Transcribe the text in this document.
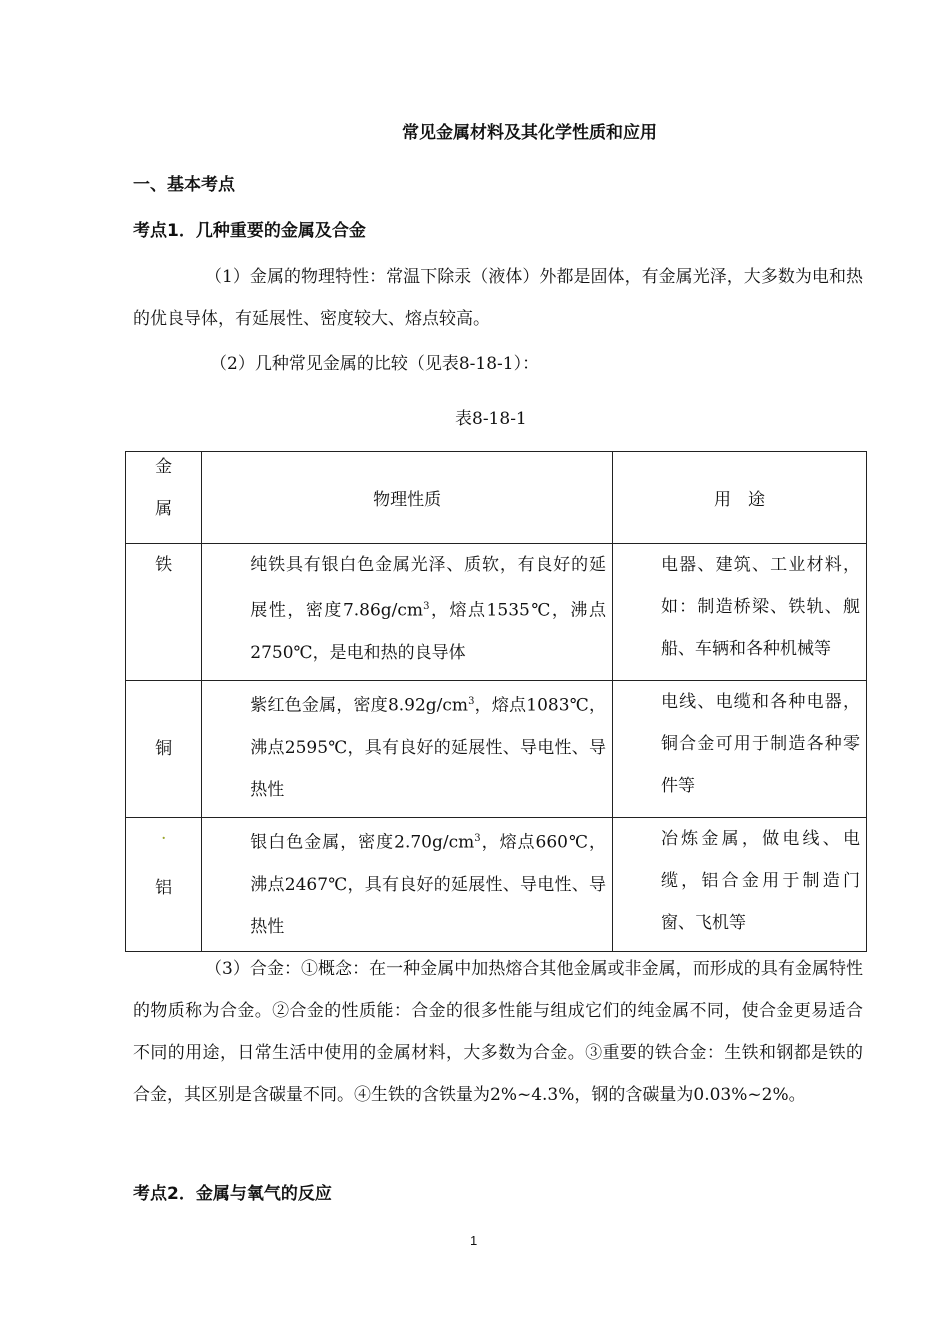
常见金属材料及其化学性质和应用
一、基本考点
考点1．几种重要的金属及合金
（1）金属的物理特性：常温下除汞（液体）外都是固体，有金属光泽，大多数为电和热的优良导体，有延展性、密度较大、熔点较高。
（2）几种常见金属的比较（见表8-18-1）：
表8-18-1
金
属	物理性质	用　途
铁	纯铁具有银白色金属光泽、质软，有良好的延展性，密度$7.86g/cm^3$，熔点1535℃，沸点2750℃，是电和热的良导体	电器、建筑、工业材料，如：制造桥梁、铁轨、舰船、车辆和各种机械等
铜	紫红色金属，密度$8.92g/cm^3$，熔点1083℃，沸点2595℃，具有良好的延展性、导电性、导热性	电线、电缆和各种电器，铜合金可用于制造各种零件等

.
铝	银白色金属，密度$2.70g/cm^3$，熔点660℃，沸点2467℃，具有良好的延展性、导电性、导热性	冶炼金属，做电线、电缆，铝合金用于制造门窗、飞机等
（3）合金：①概念：在一种金属中加热熔合其他金属或非金属，而形成的具有金属特性的物质称为合金。②合金的性质能：合金的很多性能与组成它们的纯金属不同，使合金更易适合不同的用途，日常生活中使用的金属材料，大多数为合金。③重要的铁合金：生铁和钢都是铁的合金，其区别是含碳量不同。④生铁的含铁量为2%~4.3%，钢的含碳量为0.03%~2%。
考点2．金属与氧气的反应
1
